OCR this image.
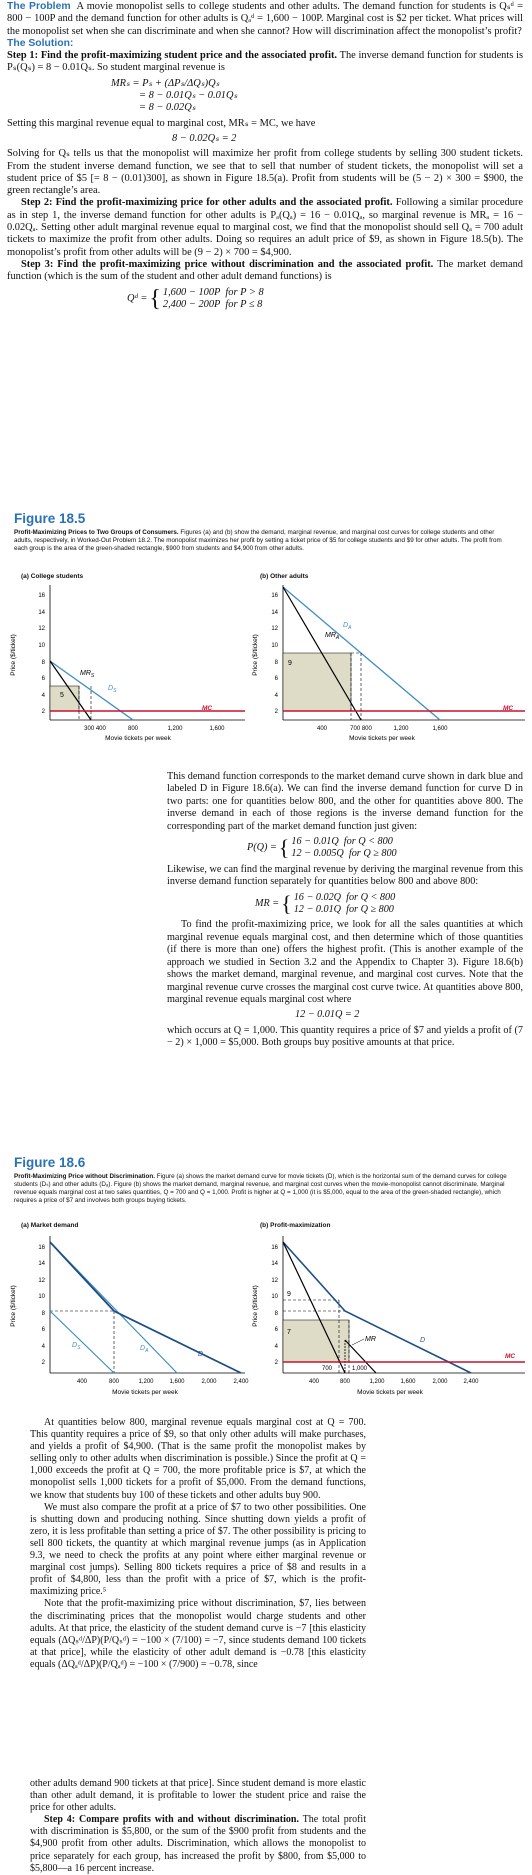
The Problem A movie monopolist sells to college students and other adults. The demand function for students is Qₛᵈ = 800 − 100P and the demand function for other adults is Qₐᵈ = 1,600 − 100P. Marginal cost is $2 per ticket. What prices will the monopolist set when she can discriminate and when she cannot? How will discrimination affect the monopolist’s profit?

The Solution:

Step 1: Find the profit-maximizing student price and the associated profit. The inverse demand function for students is Pₛ(Qₛ) = 8 − 0.01Qₛ. So student marginal revenue is

MRₛ = Pₛ + (ΔPₛ/ΔQₛ)Qₛ
= 8 − 0.01Qₛ − 0.01Qₛ
= 8 − 0.02Qₛ

Setting this marginal revenue equal to marginal cost, MRₛ = MC, we have

8 − 0.02Qₛ = 2

Solving for Qₛ tells us that the monopolist will maximize her profit from college students by selling 300 student tickets. From the student inverse demand function, we see that to sell that number of student tickets, the monopolist will set a student price of $5 [= 8 − (0.01)300], as shown in Figure 18.5(a). Profit from students will be (5 − 2) × 300 = $900, the green rectangle’s area.

Step 2: Find the profit-maximizing price for other adults and the associated profit. Following a similar procedure as in step 1, the inverse demand function for other adults is Pₐ(Qₐ) = 16 − 0.01Qₐ, so marginal revenue is MRₐ = 16 − 0.02Qₐ. Setting other adult marginal revenue equal to marginal cost, we find that the monopolist should sell Qₐ = 700 adult tickets to maximize the profit from other adults. Doing so requires an adult price of $9, as shown in Figure 18.5(b). The monopolist’s profit from other adults will be (9 − 2) × 700 = $4,900.

Step 3: Find the profit-maximizing price without discrimination and the associated profit. The market demand function (which is the sum of the student and other adult demand functions) is

Qᵈ = { 1,600 − 100P  for P > 8
2,400 − 200P  for P ≤ 8
Figure 18.5
Profit-Maximizing Prices to Two Groups of Consumers. Figures (a) and (b) show the demand, marginal revenue, and marginal cost curves for college students and other adults, respectively, in Worked-Out Problem 18.2. The monopolist maximizes her profit by setting a ticket price of $5 for college students and $9 for other adults. The profit from each group is the area of the green-shaded rectangle, $900 from students and $4,900 from other adults.
(a) College students	(b) Other adults
Price ($/ticket)
16
14
12
10
8
6
4
2
5
$MR_S$
$D_S$
MC
300 400	800	1,200	1,600
Movie tickets per week
Price ($/ticket)
16
14
12
10
8
6
4
2
9
$MR_A$
$D_A$
MC
400	700 800	1,200	1,600
Movie tickets per week

This demand function corresponds to the market demand curve shown in dark blue and labeled D in Figure 18.6(a). We can find the inverse demand function for curve D in two parts: one for quantities below 800, and the other for quantities above 800. The inverse demand in each of those regions is the inverse demand function for the corresponding part of the market demand function just given:

P(Q) = { 16 − 0.01Q  for Q < 800
12 − 0.005Q  for Q ≥ 800

Likewise, we can find the marginal revenue by deriving the marginal revenue from this inverse demand function separately for quantities below 800 and above 800:

MR = { 16 − 0.02Q  for Q < 800
12 − 0.01Q  for Q ≥ 800

To find the profit-maximizing price, we look for all the sales quantities at which marginal revenue equals marginal cost, and then determine which of those quantities (if there is more than one) offers the highest profit. (This is another example of the approach we studied in Section 3.2 and the Appendix to Chapter 3). Figure 18.6(b) shows the market demand, marginal revenue, and marginal cost curves. Note that the marginal revenue curve crosses the marginal cost curve twice. At quantities above 800, marginal revenue equals marginal cost where

12 − 0.01Q = 2

which occurs at Q = 1,000. This quantity requires a price of $7 and yields a profit of (7 − 2) × 1,000 = $5,000. Both groups buy positive amounts at that price.

Figure 18.6
Profit-Maximizing Price without Discrimination. Figure (a) shows the market demand curve for movie tickets (D), which is the horizontal sum of the demand curves for college students (Dₛ) and other adults (Dₐ). Figure (b) shows the market demand, marginal revenue, and marginal cost curves when the movie-monopolist cannot discriminate. Marginal revenue equals marginal cost at two sales quantities, Q = 700 and Q = 1,000. Profit is higher at Q = 1,000 (it is $5,000, equal to the area of the green-shaded rectangle), which requires a price of $7 and involves both groups buying tickets.
(a) Market demand	(b) Profit-maximization
Price ($/ticket)
16
14
12
10
8
6
4
2
$D_S$	$D_A$	D
400	800	1,200	1,600	2,000	2,400
Movie tickets per week
Price ($/ticket)
16
14
12
10
8
6
4
2
9
7
MR	D
MC
700	1,000
400	800	1,200	1,600	2,000	2,400
Movie tickets per week

At quantities below 800, marginal revenue equals marginal cost at Q = 700. This quantity requires a price of $9, so that only other adults will make purchases, and yields a profit of $4,900. (That is the same profit the monopolist makes by selling only to other adults when discrimination is possible.) Since the profit at Q = 1,000 exceeds the profit at Q = 700, the more profitable price is $7, at which the monopolist sells 1,000 tickets for a profit of $5,000. From the demand functions, we know that students buy 100 of these tickets and other adults buy 900.

We must also compare the profit at a price of $7 to two other possibilities. One is shutting down and producing nothing. Since shutting down yields a profit of zero, it is less profitable than setting a price of $7. The other possibility is pricing to sell 800 tickets, the quantity at which marginal revenue jumps (as in Application 9.3, we need to check the profits at any point where either marginal revenue or marginal cost jumps). Selling 800 tickets requires a price of $8 and results in a profit of $4,800, less than the profit with a price of $7, which is the profit-maximizing price.⁵

Note that the profit-maximizing price without discrimination, $7, lies between the discriminating prices that the monopolist would charge students and other adults. At that price, the elasticity of the student demand curve is −7 [this elasticity equals (ΔQₛᵈ/ΔP)(P/Qₛᵈ) = −100 × (7/100) = −7, since students demand 100 tickets at that price], while the elasticity of other adult demand is −0.78 [this elasticity equals (ΔQₐᵈ/ΔP)(P/Qₐᵈ) = −100 × (7/900) = −0.78, since

other adults demand 900 tickets at that price]. Since student demand is more elastic than other adult demand, it is profitable to lower the student price and raise the price for other adults.

Step 4: Compare profits with and without discrimination. The total profit with discrimination is $5,800, or the sum of the $900 profit from students and the $4,900 profit from other adults. Discrimination, which allows the monopolist to price separately for each group, has increased the profit by $800, from $5,000 to $5,800—a 16 percent increase.
